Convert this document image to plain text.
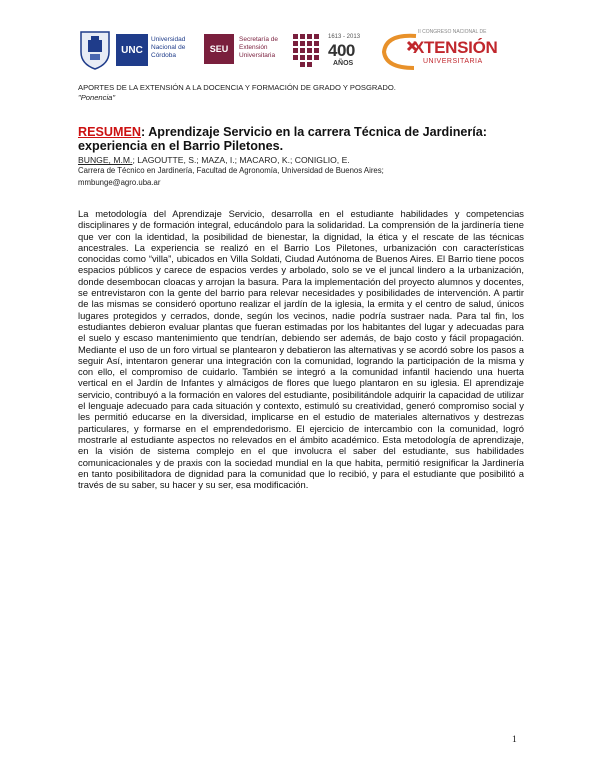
UNC
Universidad Nacional de Córdoba
SEU
Secretaría de Extensión Universitaria
1613 - 2013
400
AÑOS
II CONGRESO NACIONAL DE
XTENSIÓN
UNIVERSITARIA
APORTES DE LA EXTENSIÓN A LA DOCENCIA Y FORMACIÓN DE GRADO Y POSGRADO.
"Ponencia"
RESUMEN: Aprendizaje Servicio en la carrera Técnica de Jardinería: experiencia en el Barrio Piletones.
BUNGE, M.M.; LAGOUTTE, S.; MAZA, I.; MACARO, K.; CONIGLIO, E.
Carrera de Técnico en Jardinería, Facultad de Agronomía, Universidad de Buenos Aires;
mmbunge@agro.uba.ar

La metodología del Aprendizaje Servicio, desarrolla en el estudiante habilidades y competencias disciplinares y de formación integral, educándolo para la solidaridad. La comprensión de la jardinería tiene que ver con la identidad, la posibilidad de bienestar, la dignidad, la ética y el rescate de las técnicas ancestrales. La experiencia se realizó en el Barrio Los Piletones, urbanización con características conocidas como “villa”, ubicados en Villa Soldati, Ciudad Autónoma de Buenos Aires. El Barrio tiene pocos espacios públicos y carece de espacios verdes y arbolado, solo se ve el juncal lindero a la urbanización, donde desembocan cloacas y arrojan la basura. Para la implementación del proyecto alumnos y docentes, se entrevistaron con la gente del barrio para relevar necesidades y posibilidades de intervención. A partir de las mismas se consideró oportuno realizar el jardín de la iglesia, la ermita y el centro de salud, únicos lugares protegidos y cerrados, donde, según los vecinos, nadie podría sustraer nada. Para tal fin, los estudiantes debieron evaluar plantas que fueran estimadas por los habitantes del lugar y adecuadas para el suelo y escaso mantenimiento que tendrían, debiendo ser además, de bajo costo y fácil propagación. Mediante el uso de un foro virtual se plantearon y debatieron las alternativas y se acordó sobre los pasos a seguir Así, intentaron generar una integración con la comunidad, logrando la participación de la misma y con ello, el compromiso de cuidarlo. También se integró a la comunidad infantil haciendo una huerta vertical en el Jardín de Infantes y almácigos de flores que luego plantaron en su iglesia. El aprendizaje servicio, contribuyó a la formación en valores del estudiante, posibilitándole adquirir la capacidad de utilizar el lenguaje adecuado para cada situación y contexto, estimuló su creatividad, generó compromiso social y les permitió educarse en la diversidad, implicarse en el estudio de materiales alternativos y destrezas particulares, y formarse en el emprendedorismo. El ejercicio de intercambio con la comunidad, logró mostrarle al estudiante aspectos no relevados en el ámbito académico. Esta metodología de aprendizaje, en la visión de sistema complejo en el que involucra el saber del estudiante, sus habilidades comunicacionales y de praxis con la sociedad mundial en la que habita, permitió resignificar la Jardinería en tanto posibilitadora de dignidad para la comunidad que lo recibió, y para el estudiante que posibilitó a través de su saber, su hacer y su ser, esa modificación.

1
